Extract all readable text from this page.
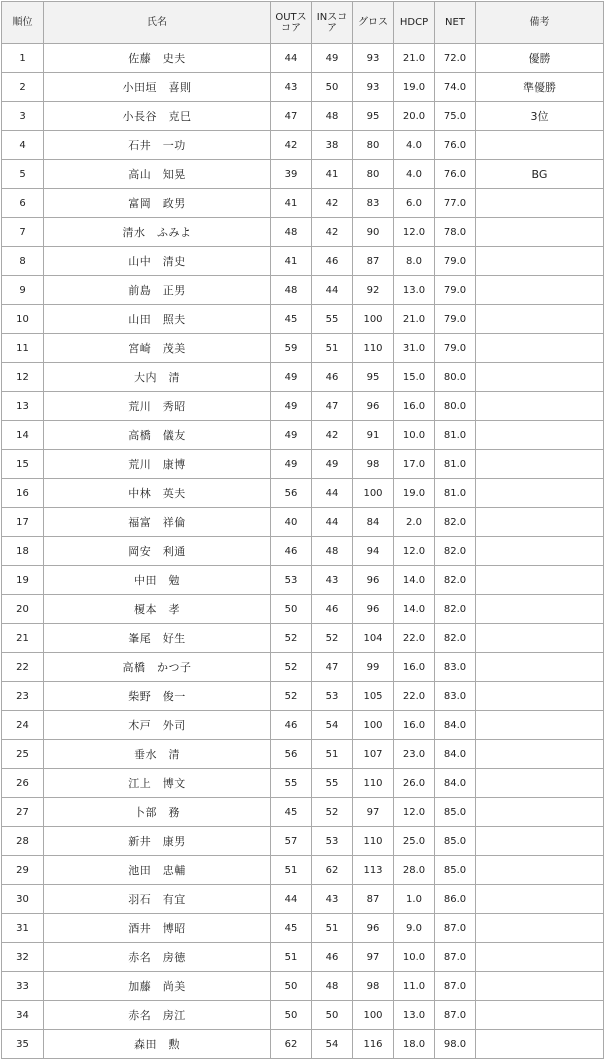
順位	氏名	OUTスコア	INスコア	グロス	HDCP	NET	備考
1	佐藤　史夫	44	49	93	21.0	72.0	優勝
2	小田垣　喜則	43	50	93	19.0	74.0	準優勝
3	小長谷　克巳	47	48	95	20.0	75.0	3位
4	石井　一功	42	38	80	4.0	76.0	
5	高山　知晃	39	41	80	4.0	76.0	BG
6	富岡　政男	41	42	83	6.0	77.0	
7	清水　ふみよ	48	42	90	12.0	78.0	
8	山中　清史	41	46	87	8.0	79.0	
9	前島　正男	48	44	92	13.0	79.0	
10	山田　照夫	45	55	100	21.0	79.0	
11	宮崎　茂美	59	51	110	31.0	79.0	
12	大内　清	49	46	95	15.0	80.0	
13	荒川　秀昭	49	47	96	16.0	80.0	
14	高橋　儀友	49	42	91	10.0	81.0	
15	荒川　康博	49	49	98	17.0	81.0	
16	中林　英夫	56	44	100	19.0	81.0	
17	福富　祥倫	40	44	84	2.0	82.0	
18	岡安　利通	46	48	94	12.0	82.0	
19	中田　勉	53	43	96	14.0	82.0	
20	榎本　孝	50	46	96	14.0	82.0	
21	峯尾　好生	52	52	104	22.0	82.0	
22	高橋　かつ子	52	47	99	16.0	83.0	
23	柴野　俊一	52	53	105	22.0	83.0	
24	木戸　外司	46	54	100	16.0	84.0	
25	垂水　清	56	51	107	23.0	84.0	
26	江上　博文	55	55	110	26.0	84.0	
27	卜部　務	45	52	97	12.0	85.0	
28	新井　康男	57	53	110	25.0	85.0	
29	池田　忠輔	51	62	113	28.0	85.0	
30	羽石　有宜	44	43	87	1.0	86.0	
31	酒井　博昭	45	51	96	9.0	87.0	
32	赤名　房徳	51	46	97	10.0	87.0	
33	加藤　尚美	50	48	98	11.0	87.0	
34	赤名　房江	50	50	100	13.0	87.0	
35	森田　勲	62	54	116	18.0	98.0	
